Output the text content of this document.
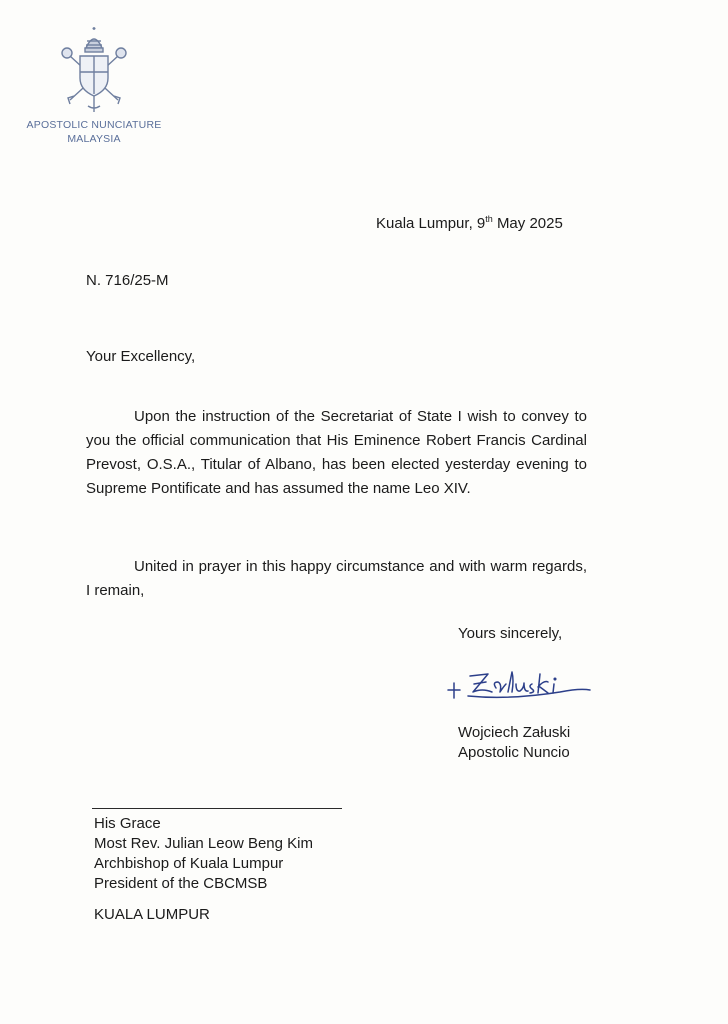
APOSTOLIC NUNCIATURE
MALAYSIA
Kuala Lumpur, 9th May 2025
N. 716/25-M
Your Excellency,

Upon the instruction of the Secretariat of State I wish to convey to you the official communication that His Eminence Robert Francis Cardinal Prevost, O.S.A., Titular of Albano, has been elected yesterday evening to Supreme Pontificate and has assumed the name Leo XIV.

United in prayer in this happy circumstance and with warm regards, I remain,

Yours sincerely,
Wojciech Załuski
Apostolic Nuncio
His Grace
Most Rev. Julian Leow Beng Kim
Archbishop of Kuala Lumpur
President of the CBCMSB
KUALA LUMPUR
